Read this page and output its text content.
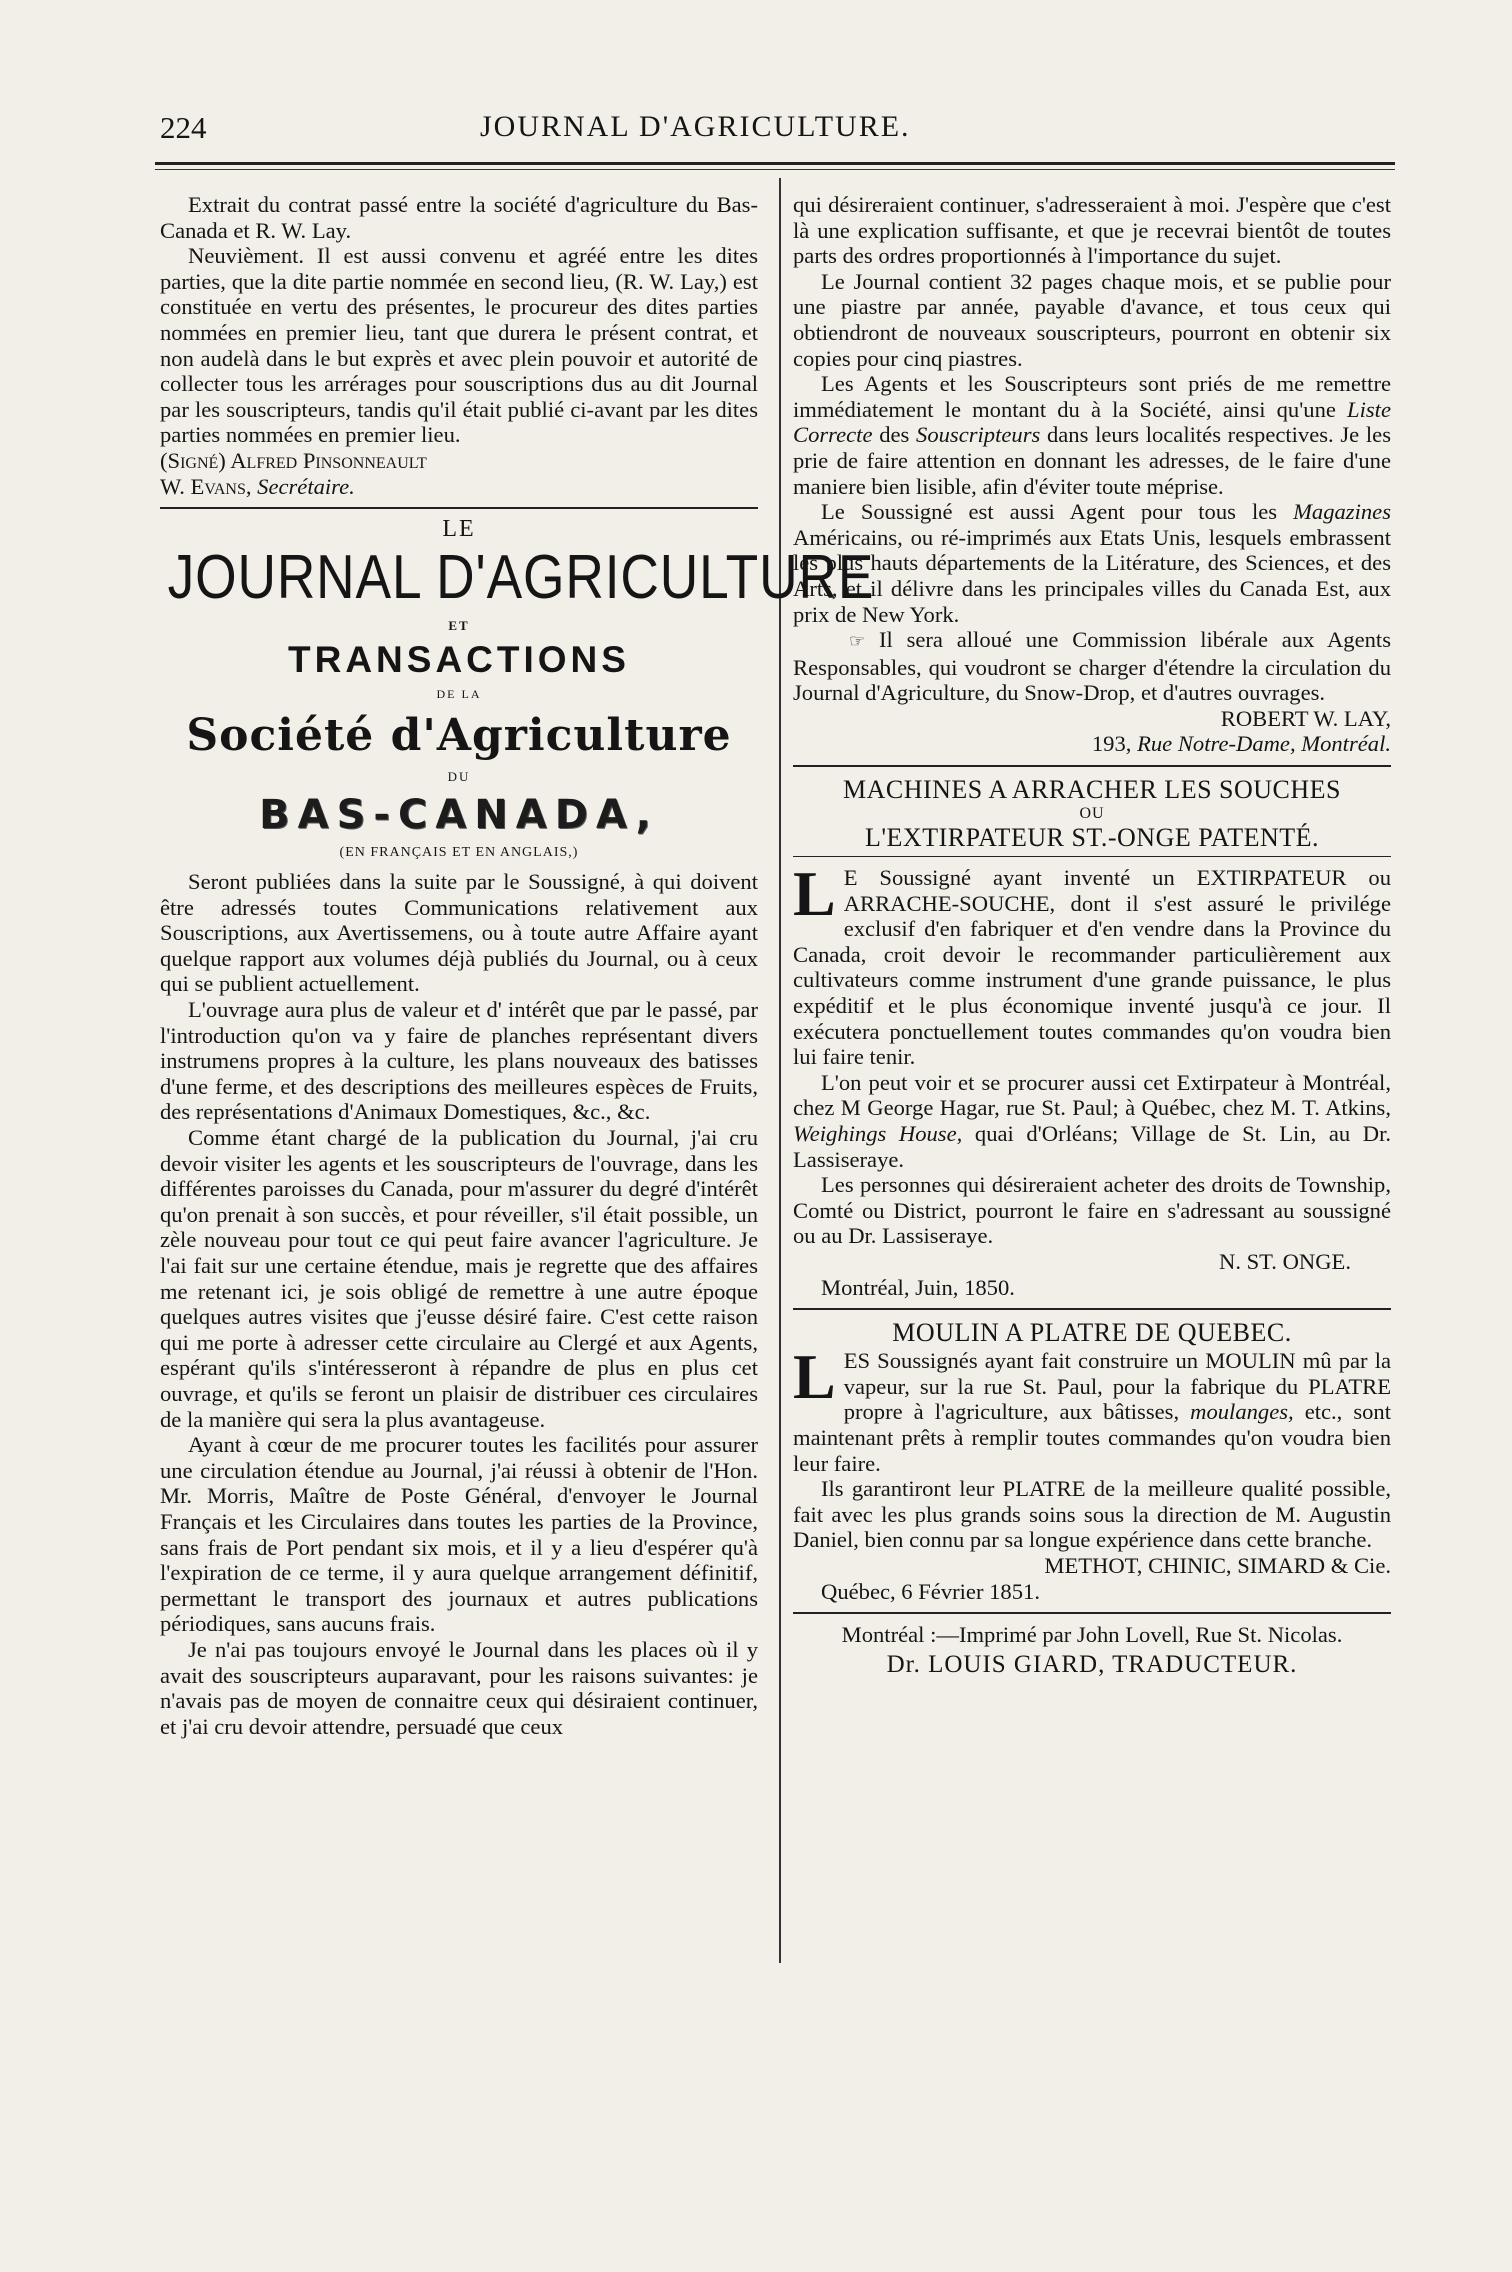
224	JOURNAL D'AGRICULTURE.

Extrait du contrat passé entre la société d'agriculture du Bas-Canada et R. W. Lay.

Neuvièment. Il est aussi convenu et agréé entre les dites parties, que la dite partie nommée en second lieu, (R. W. Lay,) est constituée en vertu des présentes, le procureur des dites parties nommées en premier lieu, tant que durera le présent contrat, et non audelà dans le but exprès et avec plein pouvoir et autorité de collecter tous les arrérages pour souscriptions dus au dit Journal par les souscripteurs, tandis qu'il était publié ci-avant par les dites parties nommées en premier lieu.

(Signé) Alfred Pinsonneault

W. Evans, Secrétaire.

LE
JOURNAL D'AGRICULTURE
ET
TRANSACTIONS
DE LA
Société d'Agriculture
DU
BAS-CANADA,
(EN FRANÇAIS ET EN ANGLAIS,)

Seront publiées dans la suite par le Soussigné, à qui doivent être adressés toutes Communications relativement aux Souscriptions, aux Avertissemens, ou à toute autre Affaire ayant quelque rapport aux volumes déjà publiés du Journal, ou à ceux qui se publient actuellement.

L'ouvrage aura plus de valeur et d' intérêt que par le passé, par l'introduction qu'on va y faire de planches représentant divers instrumens propres à la culture, les plans nouveaux des batisses d'une ferme, et des descriptions des meilleures espèces de Fruits, des représentations d'Animaux Domestiques, &c., &c.

Comme étant chargé de la publication du Journal, j'ai cru devoir visiter les agents et les souscripteurs de l'ouvrage, dans les différentes paroisses du Canada, pour m'assurer du degré d'intérêt qu'on prenait à son succès, et pour réveiller, s'il était possible, un zèle nouveau pour tout ce qui peut faire avancer l'agriculture. Je l'ai fait sur une certaine étendue, mais je regrette que des affaires me retenant ici, je sois obligé de remettre à une autre époque quelques autres visites que j'eusse désiré faire. C'est cette raison qui me porte à adresser cette circulaire au Clergé et aux Agents, espérant qu'ils s'intéresseront à répandre de plus en plus cet ouvrage, et qu'ils se feront un plaisir de distribuer ces circulaires de la manière qui sera la plus avantageuse.

Ayant à cœur de me procurer toutes les facilités pour assurer une circulation étendue au Journal, j'ai réussi à obtenir de l'Hon. Mr. Morris, Maître de Poste Général, d'envoyer le Journal Français et les Circulaires dans toutes les parties de la Province, sans frais de Port pendant six mois, et il y a lieu d'espérer qu'à l'expiration de ce terme, il y aura quelque arrangement définitif, permettant le transport des journaux et autres publications périodiques, sans aucuns frais.

Je n'ai pas toujours envoyé le Journal dans les places où il y avait des souscripteurs auparavant, pour les raisons suivantes: je n'avais pas de moyen de connaitre ceux qui désiraient continuer, et j'ai cru devoir attendre, persuadé que ceux

qui désireraient continuer, s'adresseraient à moi. J'espère que c'est là une explication suffisante, et que je recevrai bientôt de toutes parts des ordres proportionnés à l'importance du sujet.

Le Journal contient 32 pages chaque mois, et se publie pour une piastre par année, payable d'avance, et tous ceux qui obtiendront de nouveaux souscripteurs, pourront en obtenir six copies pour cinq piastres.

Les Agents et les Souscripteurs sont priés de me remettre immédiatement le montant du à la Société, ainsi qu'une Liste Correcte des Souscripteurs dans leurs localités respectives. Je les prie de faire attention en donnant les adresses, de le faire d'une maniere bien lisible, afin d'éviter toute méprise.

Le Soussigné est aussi Agent pour tous les Magazines Américains, ou ré-imprimés aux Etats Unis, lesquels embrassent les plus hauts départements de la Litérature, des Sciences, et des Arts, et il délivre dans les principales villes du Canada Est, aux prix de New York.

☞ Il sera alloué une Commission libérale aux Agents Responsables, qui voudront se charger d'étendre la circulation du Journal d'Agriculture, du Snow-Drop, et d'autres ouvrages.

ROBERT W. LAY,

193, Rue Notre-Dame, Montréal.

MACHINES A ARRACHER LES SOUCHES
OU
L'EXTIRPATEUR ST.-ONGE PATENTÉ.

L E Soussigné ayant inventé un EXTIRPATEUR ou ARRACHE-SOUCHE, dont il s'est assuré le privilége exclusif d'en fabriquer et d'en vendre dans la Province du Canada, croit devoir le recommander particulièrement aux cultivateurs comme instrument d'une grande puissance, le plus expéditif et le plus économique inventé jusqu'à ce jour. Il exécutera ponctuellement toutes commandes qu'on voudra bien lui faire tenir.

L'on peut voir et se procurer aussi cet Extirpateur à Montréal, chez M George Hagar, rue St. Paul; à Québec, chez M. T. Atkins, Weighings House, quai d'Orléans; Village de St. Lin, au Dr. Lassiseraye.

Les personnes qui désireraient acheter des droits de Township, Comté ou District, pourront le faire en s'adressant au soussigné ou au Dr. Lassiseraye.

N. ST. ONGE.

Montréal, Juin, 1850.

MOULIN A PLATRE DE QUEBEC.

LES Soussignés ayant fait construire un MOULIN mû par la vapeur, sur la rue St. Paul, pour la fabrique du PLATRE propre à l'agriculture, aux bâtisses, moulanges, etc., sont maintenant prêts à remplir toutes commandes qu'on voudra bien leur faire.

Ils garantiront leur PLATRE de la meilleure qualité possible, fait avec les plus grands soins sous la direction de M. Augustin Daniel, bien connu par sa longue expérience dans cette branche.

METHOT, CHINIC, SIMARD & Cie.

Québec, 6 Février 1851.

Montréal :—Imprimé par John Lovell, Rue St. Nicolas.

Dr. LOUIS GIARD, TRADUCTEUR.
